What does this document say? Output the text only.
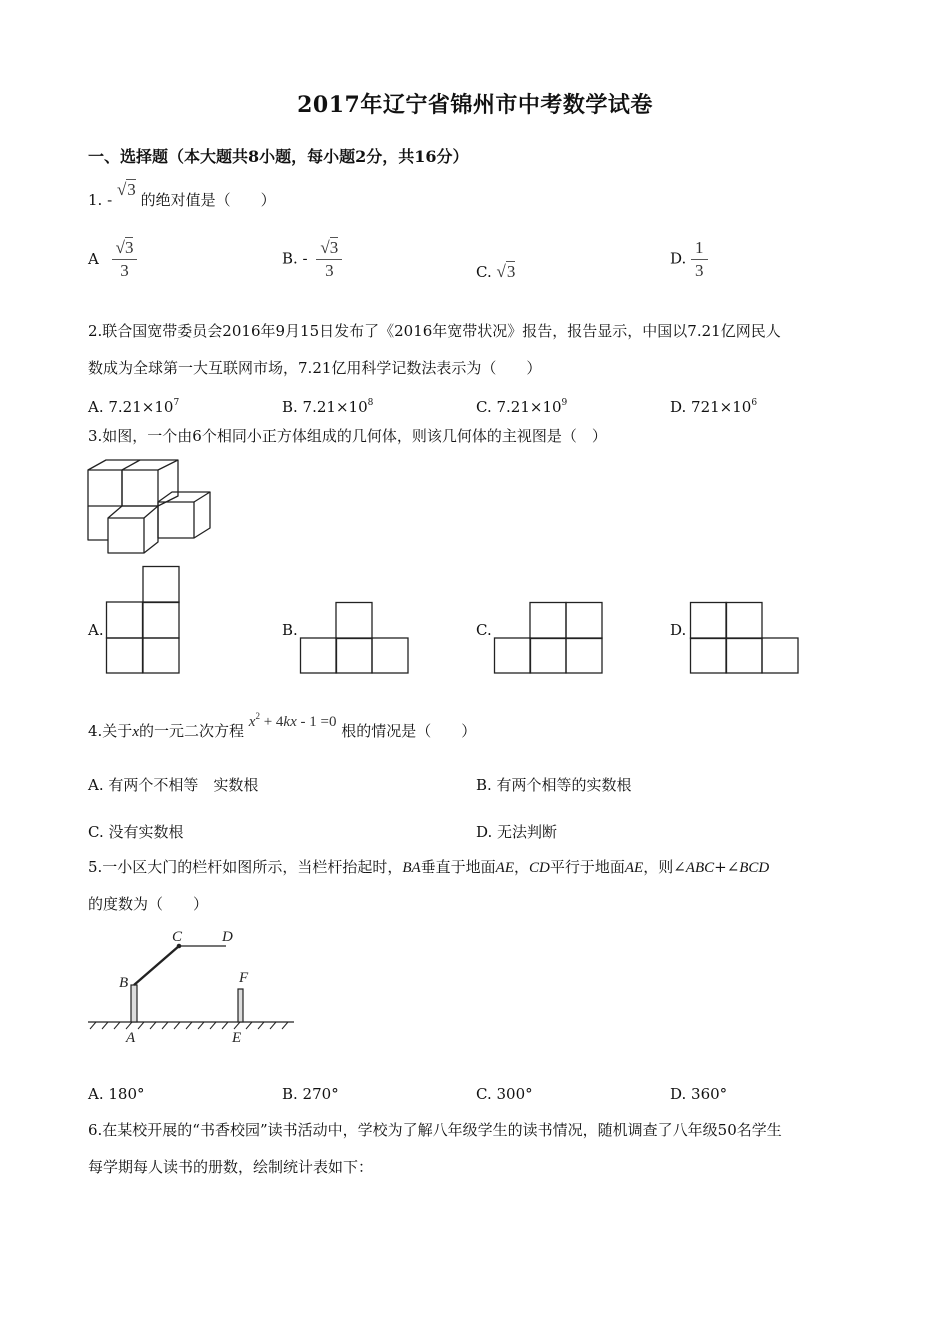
2017年辽宁省锦州市中考数学试卷
一、选择题（本大题共8小题，每小题2分，共16分）
1. - √3 的绝对值是（　　）
A $\frac{√3}{3}$	B. - $\frac{√3}{3}$	C. √3
D. $\frac{1}{3}$
2.联合国宽带委员会2016年9月15日发布了《2016年宽带状况》报告，报告显示，中国以7.21亿网民人
数成为全球第一大互联网市场，7.21亿用科学记数法表示为（　　）
A. $7.21\times 10^7$	B. $7.21\times 10^8$	C. $7.21\times 10^9$	D. $721\times 10^6$
3.如图，一个由6个相同小正方体组成的几何体，则该几何体的主视图是（　）
A.	B.	C.	D.
4.关于x的一元二次方程 $x^2 + 4kx - 1 =0$ 根的情况是（　　）
A. 有两个不相等　实数根	B. 有两个相等的实数根
C. 没有实数根	D. 无法判断
5.一小区大门的栏杆如图所示，当栏杆抬起时，BA垂直于地面AE，CD平行于地面AE，则∠ABC+∠BCD
的度数为（　　）
C	D
B	F
A	E
A. 180°	B. 270°	C. 300°	D. 360°
6.在某校开展的“书香校园”读书活动中，学校为了解八年级学生的读书情况，随机调查了八年级50名学生
每学期每人读书的册数，绘制统计表如下：
